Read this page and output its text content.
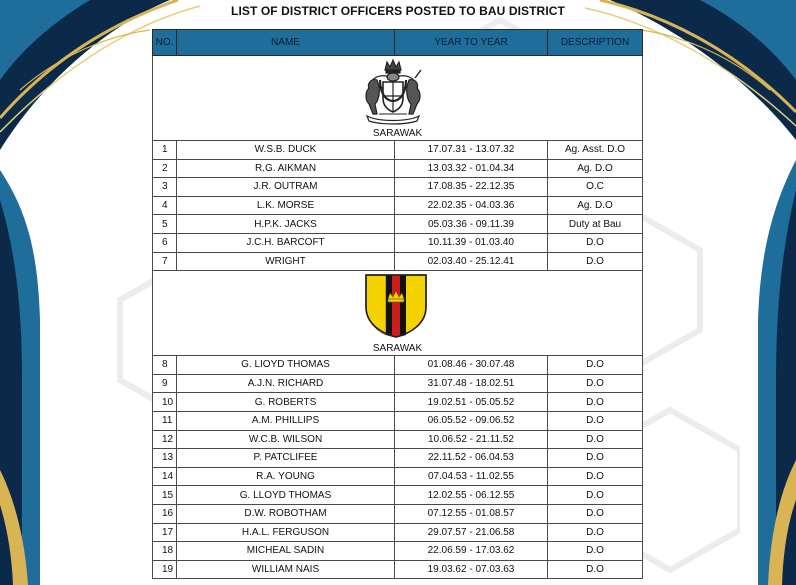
LIST OF DISTRICT OFFICERS POSTED TO BAU DISTRICT
NO.	NAME	YEAR TO YEAR	DESCRIPTION

SARAWAK			

1	W.S.B. DUCK	17.07.31 - 13.07.32	Ag. Asst. D.O
2	R.G. AIKMAN	13.03.32 - 01.04.34	Ag. D.O
3	J.R. OUTRAM	17.08.35 - 22.12.35	O.C
4	L.K. MORSE	22.02.35 - 04.03.36	Ag. D.O
5	H.P.K. JACKS	05.03.36 - 09.11.39	Duty at Bau
6	J.C.H. BARCOFT	10.11.39 - 01.03.40	D.O
7	WRIGHT	02.03.40 - 25.12.41	D.O

SARAWAK			

8	G. LIOYD THOMAS	01.08.46 - 30.07.48	D.O
9	A.J.N. RICHARD	31.07.48 - 18.02.51	D.O
10	G. ROBERTS	19.02.51 - 05.05.52	D.O
11	A.M. PHILLIPS	06.05.52 - 09.06.52	D.O
12	W.C.B. WILSON	10.06.52 - 21.11.52	D.O
13	P. PATCLIFEE	22.11.52 - 06.04.53	D.O
14	R.A. YOUNG	07.04.53 - 11.02.55	D.O
15	G. LLOYD THOMAS	12.02.55 - 06.12.55	D.O
16	D.W. ROBOTHAM	07.12.55 - 01.08.57	D.O
17	H.A.L. FERGUSON	29.07.57 - 21.06.58	D.O
18	MICHEAL SADIN	22.06.59 - 17.03.62	D.O
19	WILLIAM NAIS	19.03.62 - 07.03.63	D.O
